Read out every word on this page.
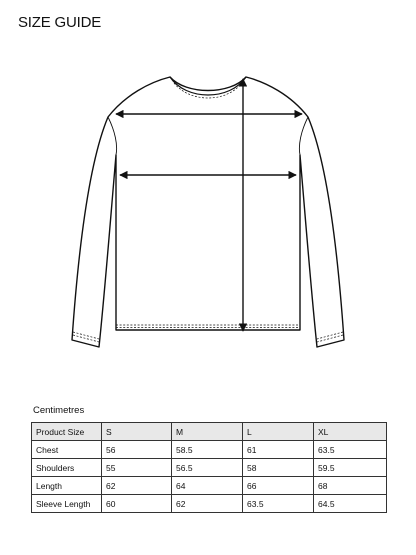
SIZE GUIDE
Centimetres
Product Size	S	M	L	XL
Chest	56	58.5	61	63.5
Shoulders	55	56.5	58	59.5
Length	62	64	66	68
Sleeve Length	60	62	63.5	64.5
